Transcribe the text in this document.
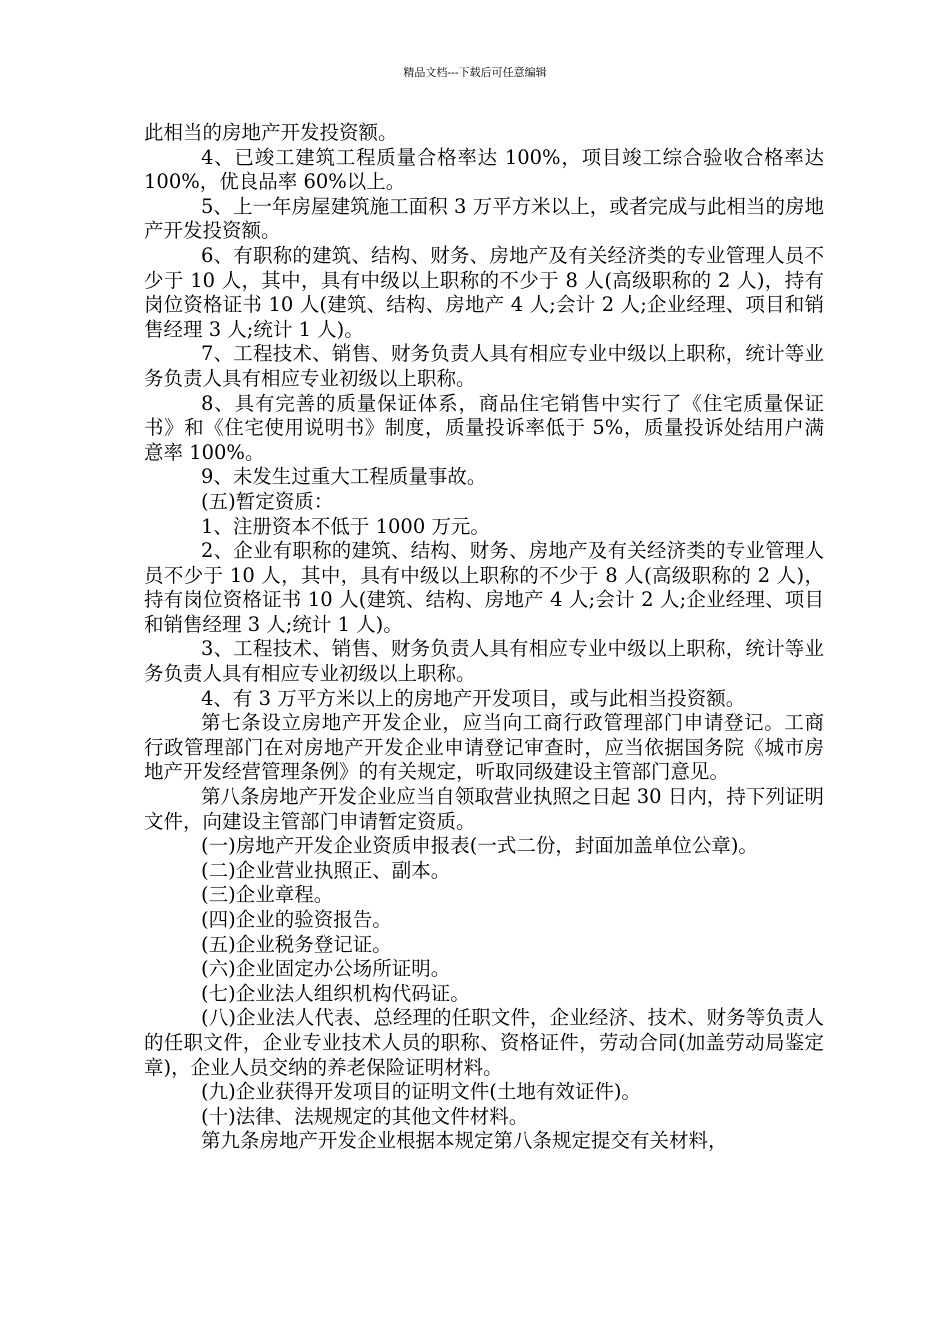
精品文档---下载后可任意编辑

此相当的房地产开发投资额。

4、已竣工建筑工程质量合格率达 100%，项目竣工综合验收合格率达 100%，优良品率 60%以上。

5、上一年房屋建筑施工面积 3 万平方米以上，或者完成与此相当的房地产开发投资额。

6、有职称的建筑、结构、财务、房地产及有关经济类的专业管理人员不少于 10 人，其中，具有中级以上职称的不少于 8 人(高级职称的 2 人)，持有岗位资格证书 10 人(建筑、结构、房地产 4 人;会计 2 人;企业经理、项目和销售经理 3 人;统计 1 人)。

7、工程技术、销售、财务负责人具有相应专业中级以上职称，统计等业务负责人具有相应专业初级以上职称。

8、具有完善的质量保证体系，商品住宅销售中实行了《住宅质量保证书》和《住宅使用说明书》制度，质量投诉率低于 5%，质量投诉处结用户满意率 100%。

9、未发生过重大工程质量事故。

(五)暂定资质：

1、注册资本不低于 1000 万元。

2、企业有职称的建筑、结构、财务、房地产及有关经济类的专业管理人员不少于 10 人，其中，具有中级以上职称的不少于 8 人(高级职称的 2 人)，持有岗位资格证书 10 人(建筑、结构、房地产 4 人;会计 2 人;企业经理、项目和销售经理 3 人;统计 1 人)。

3、工程技术、销售、财务负责人具有相应专业中级以上职称，统计等业务负责人具有相应专业初级以上职称。

4、有 3 万平方米以上的房地产开发项目，或与此相当投资额。

第七条设立房地产开发企业，应当向工商行政管理部门申请登记。工商行政管理部门在对房地产开发企业申请登记审查时，应当依据国务院《城市房地产开发经营管理条例》的有关规定，听取同级建设主管部门意见。

第八条房地产开发企业应当自领取营业执照之日起 30 日内，持下列证明文件，向建设主管部门申请暂定资质。

(一)房地产开发企业资质申报表(一式二份，封面加盖单位公章)。

(二)企业营业执照正、副本。

(三)企业章程。

(四)企业的验资报告。

(五)企业税务登记证。

(六)企业固定办公场所证明。

(七)企业法人组织机构代码证。

(八)企业法人代表、总经理的任职文件，企业经济、技术、财务等负责人的任职文件，企业专业技术人员的职称、资格证件，劳动合同(加盖劳动局鉴定章)，企业人员交纳的养老保险证明材料。

(九)企业获得开发项目的证明文件(土地有效证件)。

(十)法律、法规规定的其他文件材料。

第九条房地产开发企业根据本规定第八条规定提交有关材料，
